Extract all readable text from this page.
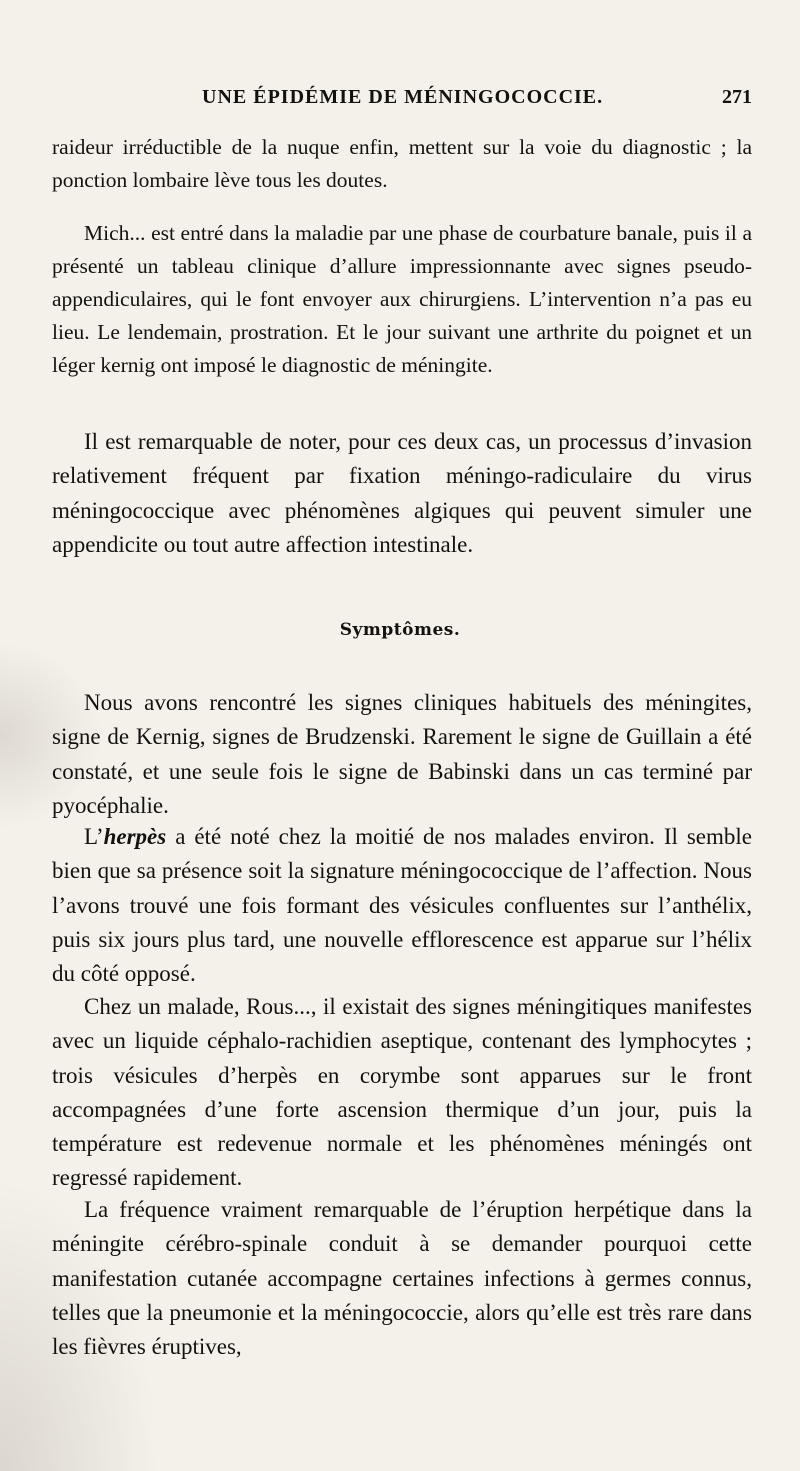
UNE ÉPIDÉMIE DE MÉNINGOCOCCIE.	271

raideur irréductible de la nuque enfin, mettent sur la voie du diagnostic ; la ponction lombaire lève tous les doutes.

Mich... est entré dans la maladie par une phase de courbature banale, puis il a présenté un tableau clinique d’allure impressionnante avec signes pseudo-appendiculaires, qui le font envoyer aux chirurgiens. L’intervention n’a pas eu lieu. Le lendemain, prostration. Et le jour suivant une arthrite du poignet et un léger kernig ont imposé le diagnostic de méningite.

Il est remarquable de noter, pour ces deux cas, un processus d’invasion relativement fréquent par fixation méningo-radiculaire du virus méningococcique avec phénomènes algiques qui peuvent simuler une appendicite ou tout autre affection intestinale.

Symptômes.

Nous avons rencontré les signes cliniques habituels des méningites, signe de Kernig, signes de Brudzenski. Rarement le signe de Guillain a été constaté, et une seule fois le signe de Babinski dans un cas terminé par pyocéphalie.

L’herpès a été noté chez la moitié de nos malades environ. Il semble bien que sa présence soit la signature méningococcique de l’affection. Nous l’avons trouvé une fois formant des vésicules confluentes sur l’anthélix, puis six jours plus tard, une nouvelle efflorescence est apparue sur l’hélix du côté opposé.

Chez un malade, Rous..., il existait des signes méningitiques manifestes avec un liquide céphalo-rachidien aseptique, contenant des lymphocytes ; trois vésicules d’herpès en corymbe sont apparues sur le front accompagnées d’une forte ascension thermique d’un jour, puis la température est redevenue normale et les phénomènes méningés ont regressé rapidement.

La fréquence vraiment remarquable de l’éruption herpétique dans la méningite cérébro-spinale conduit à se demander pourquoi cette manifestation cutanée accompagne certaines infections à germes connus, telles que la pneumonie et la méningococcie, alors qu’elle est très rare dans les fièvres éruptives,
